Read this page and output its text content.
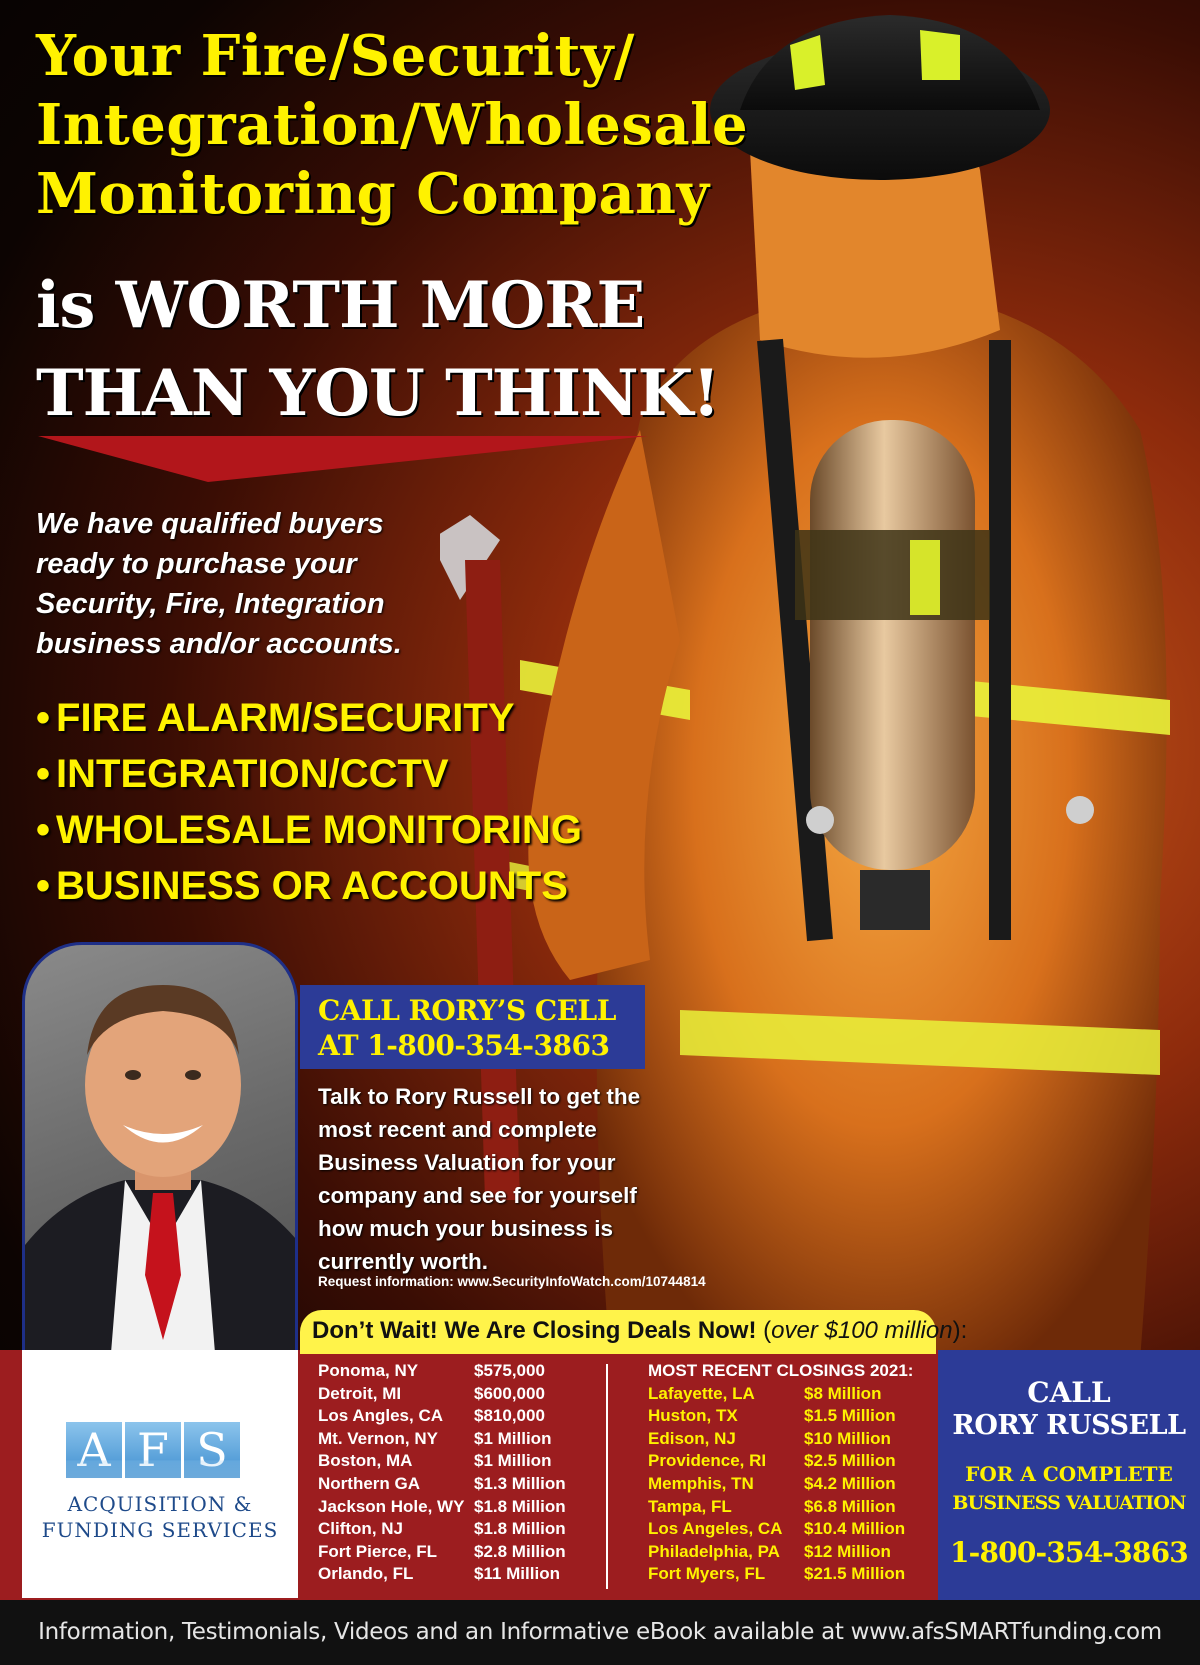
Your Fire/Security/
Integration/Wholesale
Monitoring Company
is WORTH MORE
THAN YOU THINK!
We have qualified buyers
ready to purchase your
Security, Fire, Integration
business and/or accounts.
• FIRE ALARM/SECURITY
• INTEGRATION/CCTV
• WHOLESALE MONITORING
• BUSINESS OR ACCOUNTS
CALL RORY’S CELL
AT 1-800-354-3863
Talk to Rory Russell to get the
most recent and complete
Business Valuation for your
company and see for yourself
how much your business is
currently worth.
Request information: www.SecurityInfoWatch.com/10744814
Don’t Wait! We Are Closing Deals Now! (over $100 million):
A F S
ACQUISITION &
FUNDING SERVICES
Ponoma, NY	$575,000
Detroit, MI	$600,000
Los Angles, CA	$810,000
Mt. Vernon, NY	$1 Million
Boston, MA	$1 Million
Northern GA	$1.3 Million
Jackson Hole, WY $1.8 Million
Clifton, NJ	$1.8 Million
Fort Pierce, FL	$2.8 Million
Orlando, FL	$11 Million
MOST RECENT CLOSINGS 2021:
Lafayette, LA	$8 Million
Huston, TX	$1.5 Million
Edison, NJ	$10 Million
Providence, RI	$2.5 Million
Memphis, TN	$4.2 Million
Tampa, FL	$6.8 Million
Los Angeles, CA	$10.4 Million
Philadelphia, PA	$12 Million
Fort Myers, FL	$21.5 Million
CALL
RORY RUSSELL
FOR A COMPLETE
BUSINESS VALUATION
1-800-354-3863
Information, Testimonials, Videos and an Informative eBook available at www.afsSMARTfunding.com
